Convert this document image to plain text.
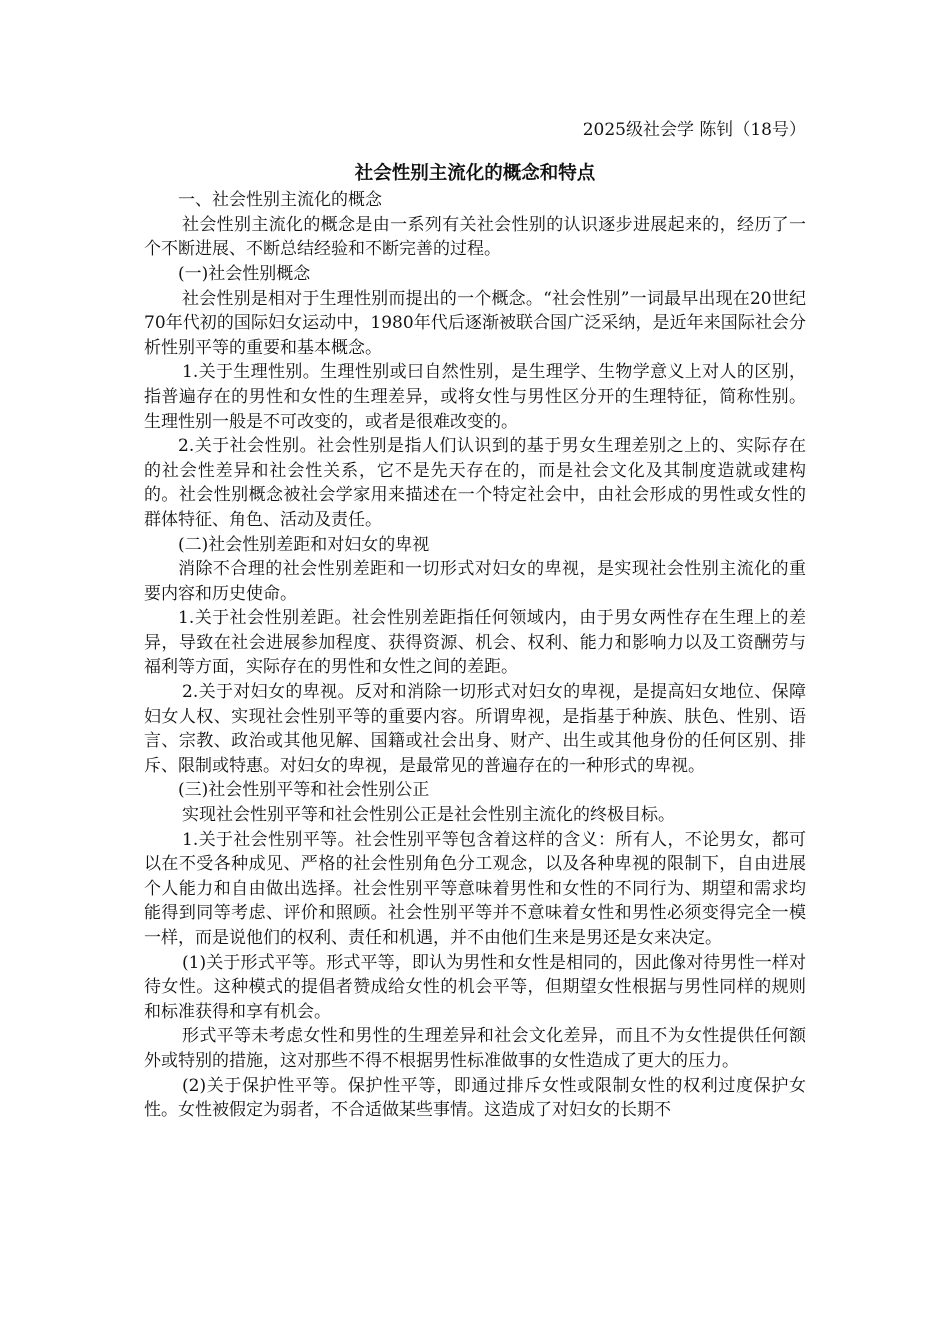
2025级社会学 陈钊（18号）

社会性别主流化的概念和特点

一、社会性别主流化的概念

社会性别主流化的概念是由一系列有关社会性别的认识逐步进展起来的，经历了一个不断进展、不断总结经验和不断完善的过程。

(一)社会性别概念

社会性别是相对于生理性别而提出的一个概念。“社会性别”一词最早出现在20世纪70年代初的国际妇女运动中，1980年代后逐渐被联合国广泛采纳，是近年来国际社会分析性别平等的重要和基本概念。

1.关于生理性别。生理性别或曰自然性别，是生理学、生物学意义上对人的区别，指普遍存在的男性和女性的生理差异，或将女性与男性区分开的生理特征，简称性别。生理性别一般是不可改变的，或者是很难改变的。

2.关于社会性别。社会性别是指人们认识到的基于男女生理差别之上的、实际存在的社会性差异和社会性关系，它不是先天存在的，而是社会文化及其制度造就或建构的。社会性别概念被社会学家用来描述在一个特定社会中，由社会形成的男性或女性的群体特征、角色、活动及责任。

(二)社会性别差距和对妇女的卑视

消除不合理的社会性别差距和一切形式对妇女的卑视，是实现社会性别主流化的重要内容和历史使命。

1.关于社会性别差距。社会性别差距指任何领域内，由于男女两性存在生理上的差异，导致在社会进展参加程度、获得资源、机会、权利、能力和影响力以及工资酬劳与福利等方面，实际存在的男性和女性之间的差距。

2.关于对妇女的卑视。反对和消除一切形式对妇女的卑视，是提高妇女地位、保障妇女人权、实现社会性别平等的重要内容。所谓卑视，是指基于种族、肤色、性别、语言、宗教、政治或其他见解、国籍或社会出身、财产、出生或其他身份的任何区别、排斥、限制或特惠。对妇女的卑视，是最常见的普遍存在的一种形式的卑视。

(三)社会性别平等和社会性别公正

实现社会性别平等和社会性别公正是社会性别主流化的终极目标。

1.关于社会性别平等。社会性别平等包含着这样的含义：所有人，不论男女，都可以在不受各种成见、严格的社会性别角色分工观念，以及各种卑视的限制下，自由进展个人能力和自由做出选择。社会性别平等意味着男性和女性的不同行为、期望和需求均能得到同等考虑、评价和照顾。社会性别平等并不意味着女性和男性必须变得完全一模一样，而是说他们的权利、责任和机遇，并不由他们生来是男还是女来决定。

(1)关于形式平等。形式平等，即认为男性和女性是相同的，因此像对待男性一样对待女性。这种模式的提倡者赞成给女性的机会平等，但期望女性根据与男性同样的规则和标准获得和享有机会。

形式平等未考虑女性和男性的生理差异和社会文化差异，而且不为女性提供任何额外或特别的措施，这对那些不得不根据男性标准做事的女性造成了更大的压力。

(2)关于保护性平等。保护性平等，即通过排斥女性或限制女性的权利过度保护女性。女性被假定为弱者，不合适做某些事情。这造成了对妇女的长期不
